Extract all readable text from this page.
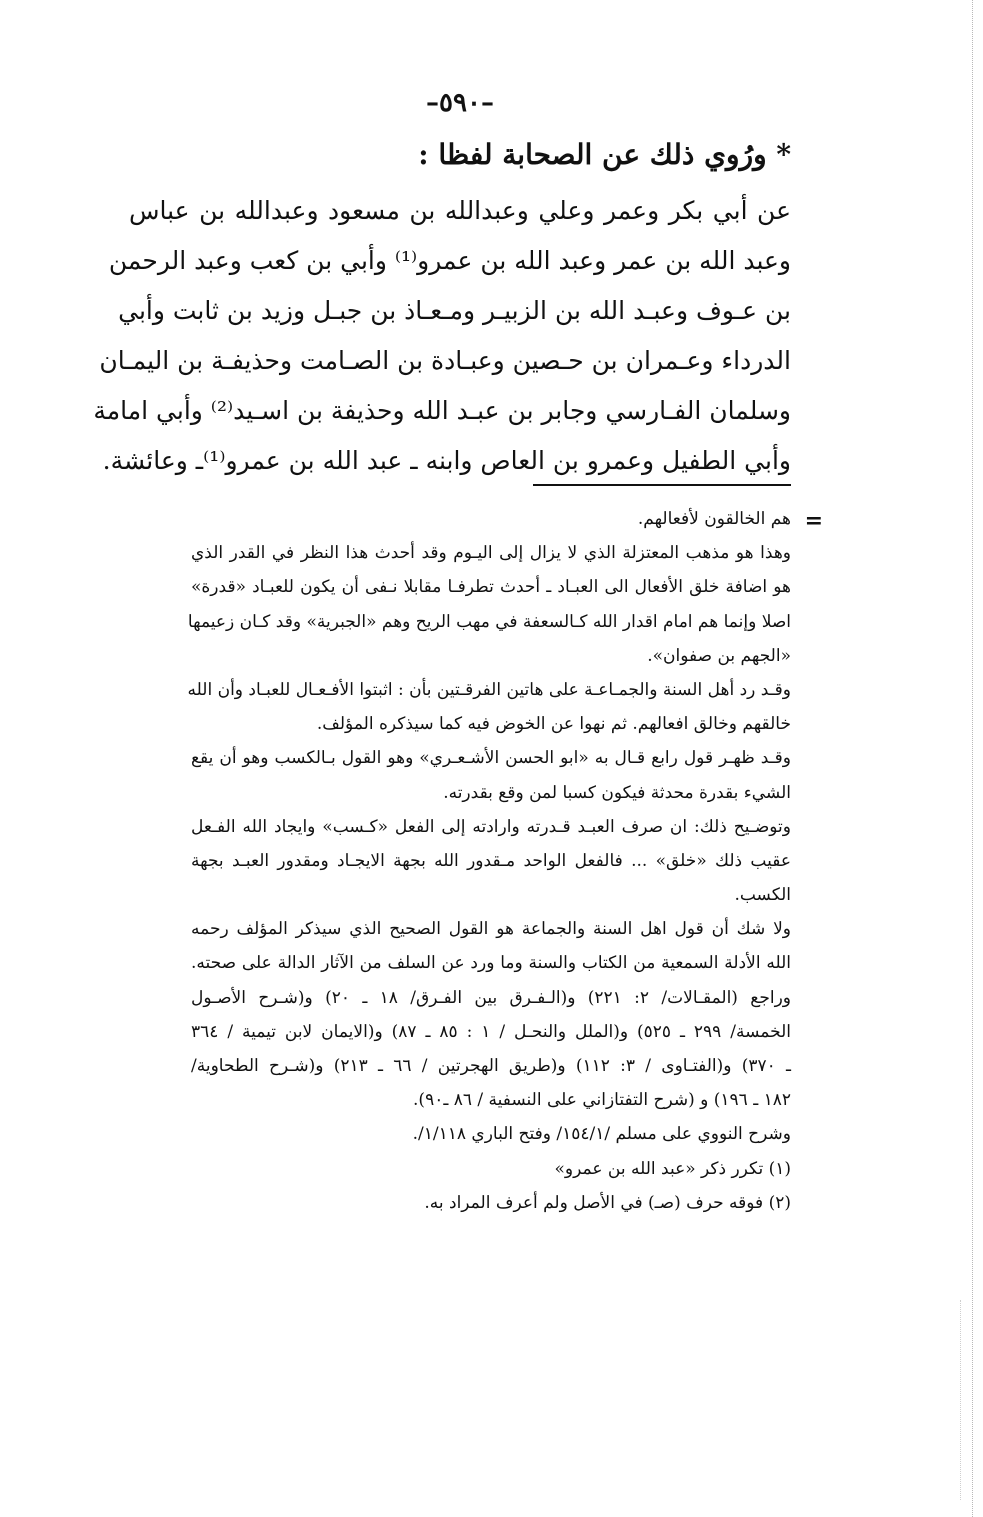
–٥٩٠–
* ورُوي ذلك عن الصحابة لفظا :
عن أبي بكر وعمر وعلي وعبدالله بن مسعود وعبدالله بن عباس
وعبد الله بن عمر وعبد الله بن عمرو⁽¹⁾ وأبي بن كعب وعبد الرحمن
بن عـوف وعبـد الله بن الزبيـر ومـعـاذ بن جبـل وزيد بن ثابت وأبي
الدرداء وعـمران بن حـصين وعبـادة بن الصـامت وحذيفـة بن اليمـان
وسلمان الفـارسي وجابر بن عبـد الله وحذيفة بن اسـيد⁽²⁾ وأبي امامة
وأبي الطفيل وعمرو بن العاص وابنه ـ عبد الله بن عمرو⁽¹⁾ـ وعائشة.
=
هم الخالقون لأفعالهم.
وهذا هو مذهب المعتزلة الذي لا يزال إلى اليـوم وقد أحدث هذا النظر في القدر الذي
هو اضافة خلق الأفعال الى العبـاد ـ أحدث تطرفـا مقابلا نـفى أن يكون للعبـاد «قدرة»
اصلا وإنما هم امام اقدار الله كـالسعفة في مهب الريح وهم «الجبرية» وقد كـان زعيمها
«الجهم بن صفوان».
وقـد رد أهل السنة والجمـاعـة على هاتين الفرقـتين بأن : اثبتوا الأفـعـال للعبـاد وأن الله
خالقهم وخالق افعالهم. ثم نهوا عن الخوض فيه كما سيذكره المؤلف.
وقـد ظهـر قول رابع قـال به «ابو الحسن الأشـعـري» وهو القول بـالكسب وهو أن يقع
الشيء بقدرة محدثة فيكون كسبا لمن وقع بقدرته.
وتوضـيح ذلك: ان صرف العبـد قـدرته وارادته إلى الفعل «كـسب» وايجاد الله الفـعل
عقيب ذلك «خلق» ... فالفعل الواحد مـقدور الله بجهة الايجـاد ومقدور العبـد بجهة
الكسب.
ولا شك أن قول اهل السنة والجماعة هو القول الصحيح الذي سيذكر المؤلف رحمه
الله الأدلة السمعية من الكتاب والسنة وما ورد عن السلف من الآثار الدالة على صحته.
وراجع (المقـالات/ ٢: ٢٢١) و(الـفـرق بين الفـرق/ ١٨ ـ ٢٠) و(شـرح الأصـول
الخمسة/ ٢٩٩ ـ ٥٢٥) و(الملل والنحـل / ١ : ٨٥ ـ ٨٧) و(الايمان لابن تيمية / ٣٦٤
ـ ٣٧٠) و(الفتـاوى / ٣: ١١٢) و(طريق الهجرتين / ٦٦ ـ ٢١٣) و(شـرح الطحاوية/
١٨٢ ـ ١٩٦) و (شرح التفتازاني على النسفية / ٨٦ ـ٩٠).
وشرح النووي على مسلم /١٥٤/١/ وفتح الباري ١/١١٨/.
(١) تكرر ذكر «عبد الله بن عمرو»
(٢) فوقه حرف (صـ) في الأصل ولم أعرف المراد به.
